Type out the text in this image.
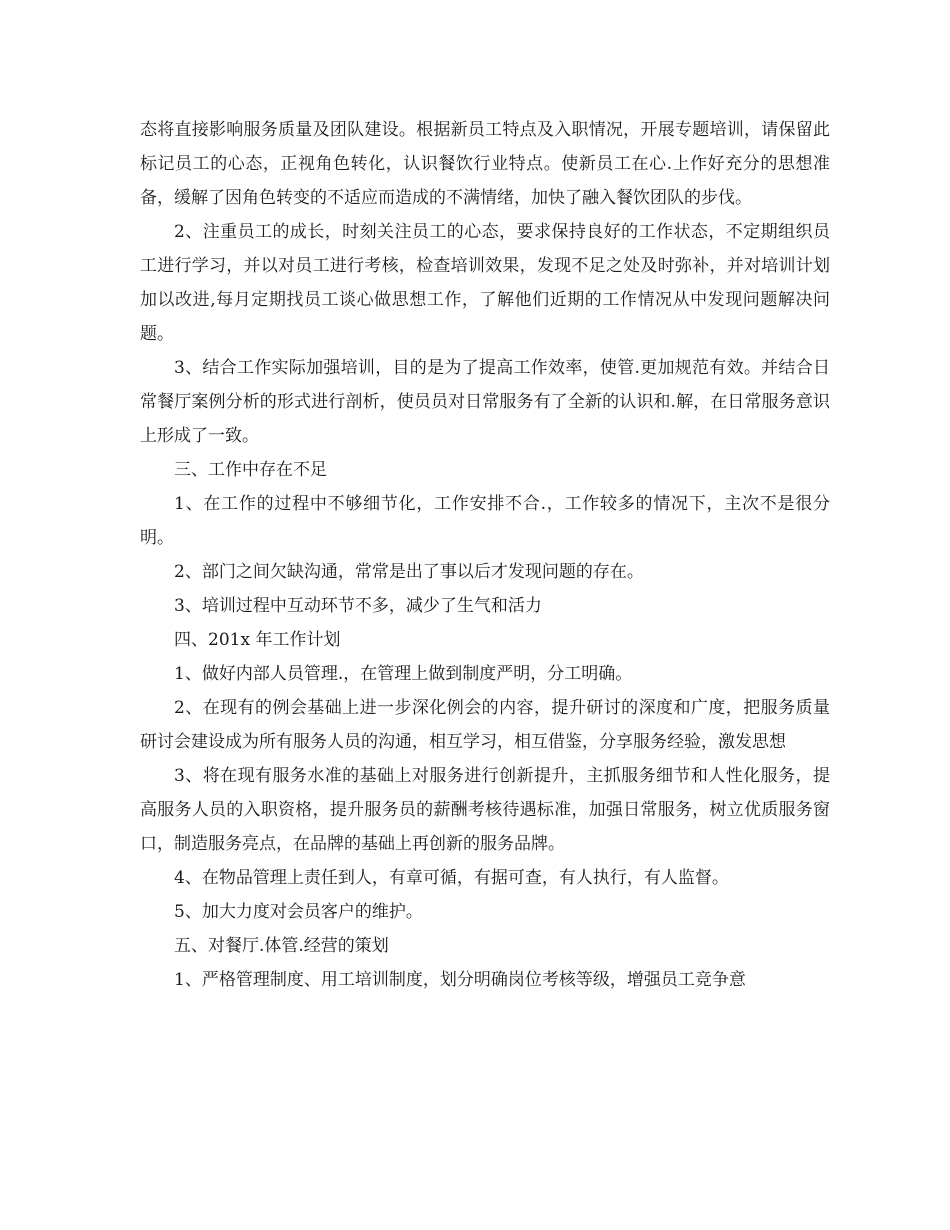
态将直接影响服务质量及团队建设。根据新员工特点及入职情况，开展专题培训，请保留此标记员工的心态，正视角色转化，认识餐饮行业特点。使新员工在心.上作好充分的思想准备，缓解了因角色转变的不适应而造成的不满情绪，加快了融入餐饮团队的步伐。

2、注重员工的成长，时刻关注员工的心态，要求保持良好的工作状态，不定期组织员工进行学习，并以对员工进行考核，检查培训效果，发现不足之处及时弥补，并对培训计划加以改进,每月定期找员工谈心做思想工作，了解他们近期的工作情况从中发现问题解决问题。

3、结合工作实际加强培训，目的是为了提高工作效率，使管.更加规范有效。并结合日常餐厅案例分析的形式进行剖析，使员员对日常服务有了全新的认识和.解，在日常服务意识上形成了一致。

三、工作中存在不足

1、在工作的过程中不够细节化，工作安排不合.，工作较多的情况下，主次不是很分明。

2、部门之间欠缺沟通，常常是出了事以后才发现问题的存在。

3、培训过程中互动环节不多，减少了生气和活力

四、201x 年工作计划

1、做好内部人员管理.，在管理上做到制度严明，分工明确。

2、在现有的例会基础上进一步深化例会的内容，提升研讨的深度和广度，把服务质量研讨会建设成为所有服务人员的沟通，相互学习，相互借鉴，分享服务经验，激发思想

3、将在现有服务水准的基础上对服务进行创新提升，主抓服务细节和人性化服务，提高服务人员的入职资格，提升服务员的薪酬考核待遇标准，加强日常服务，树立优质服务窗口，制造服务亮点，在品牌的基础上再创新的服务品牌。

4、在物品管理上责任到人，有章可循，有据可查，有人执行，有人监督。

5、加大力度对会员客户的维护。

五、对餐厅.体管.经营的策划

1、严格管理制度、用工培训制度，划分明确岗位考核等级，增强员工竞争意
